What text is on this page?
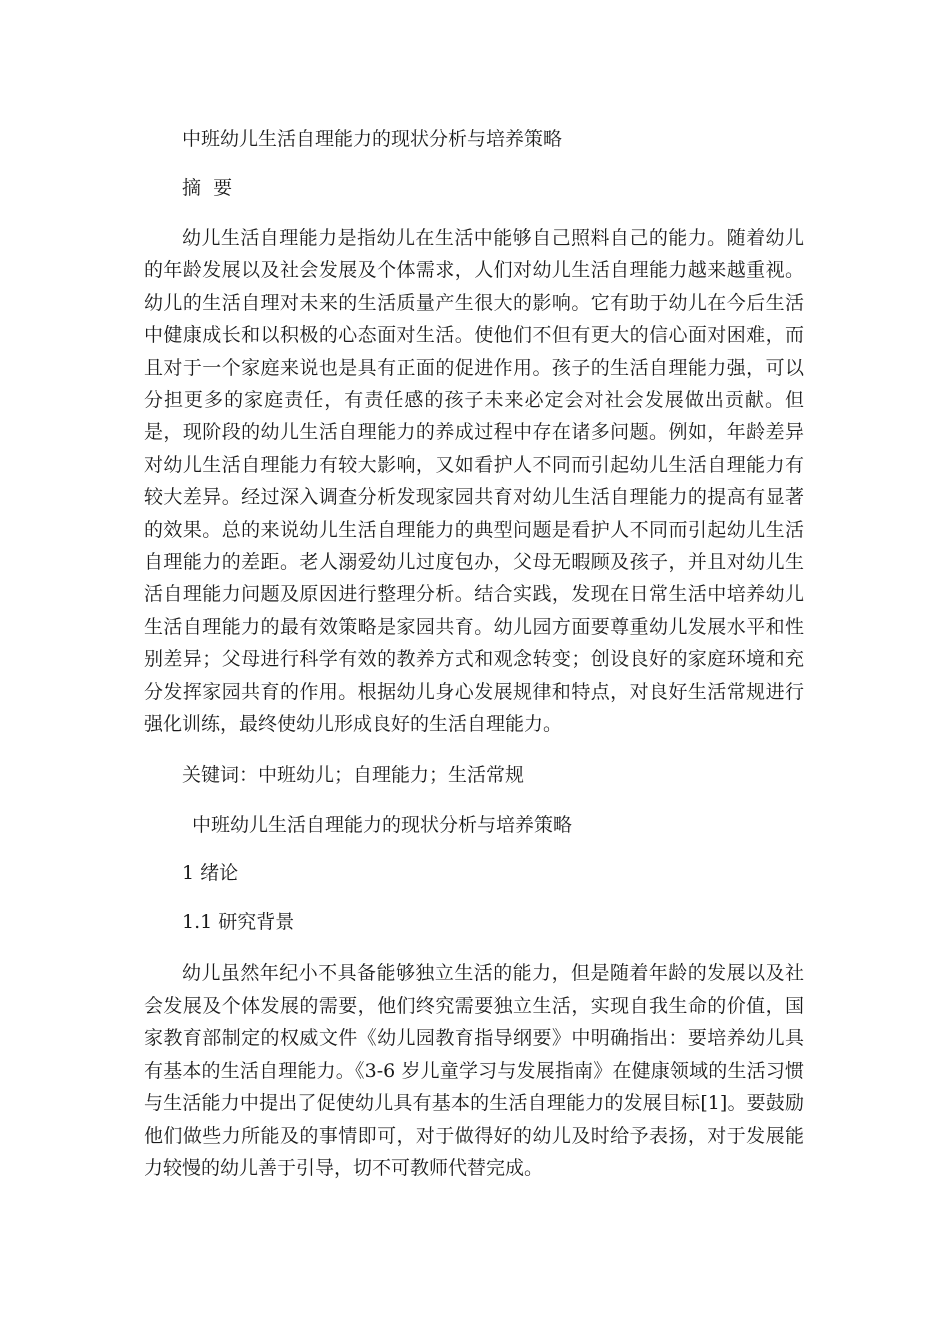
中班幼儿生活自理能力的现状分析与培养策略
摘  要
幼儿生活自理能力是指幼儿在生活中能够自己照料自己的能力。随着幼儿的年龄发展以及社会发展及个体需求，人们对幼儿生活自理能力越来越重视。幼儿的生活自理对未来的生活质量产生很大的影响。它有助于幼儿在今后生活中健康成长和以积极的心态面对生活。使他们不但有更大的信心面对困难，而且对于一个家庭来说也是具有正面的促进作用。孩子的生活自理能力强，可以分担更多的家庭责任，有责任感的孩子未来必定会对社会发展做出贡献。但是，现阶段的幼儿生活自理能力的养成过程中存在诸多问题。例如，年龄差异对幼儿生活自理能力有较大影响，又如看护人不同而引起幼儿生活自理能力有较大差异。经过深入调查分析发现家园共育对幼儿生活自理能力的提高有显著的效果。总的来说幼儿生活自理能力的典型问题是看护人不同而引起幼儿生活自理能力的差距。老人溺爱幼儿过度包办，父母无暇顾及孩子，并且对幼儿生活自理能力问题及原因进行整理分析。结合实践，发现在日常生活中培养幼儿生活自理能力的最有效策略是家园共育。幼儿园方面要尊重幼儿发展水平和性别差异；父母进行科学有效的教养方式和观念转变；创设良好的家庭环境和充分发挥家园共育的作用。根据幼儿身心发展规律和特点，对良好生活常规进行强化训练，最终使幼儿形成良好的生活自理能力。
关键词：中班幼儿；自理能力；生活常规
中班幼儿生活自理能力的现状分析与培养策略
1 绪论
1.1 研究背景
幼儿虽然年纪小不具备能够独立生活的能力，但是随着年龄的发展以及社会发展及个体发展的需要，他们终究需要独立生活，实现自我生命的价值，国家教育部制定的权威文件《幼儿园教育指导纲要》中明确指出：要培养幼儿具有基本的生活自理能力。《3-6 岁儿童学习与发展指南》在健康领域的生活习惯与生活能力中提出了促使幼儿具有基本的生活自理能力的发展目标[1]。要鼓励他们做些力所能及的事情即可，对于做得好的幼儿及时给予表扬，对于发展能力较慢的幼儿善于引导，切不可教师代替完成。
